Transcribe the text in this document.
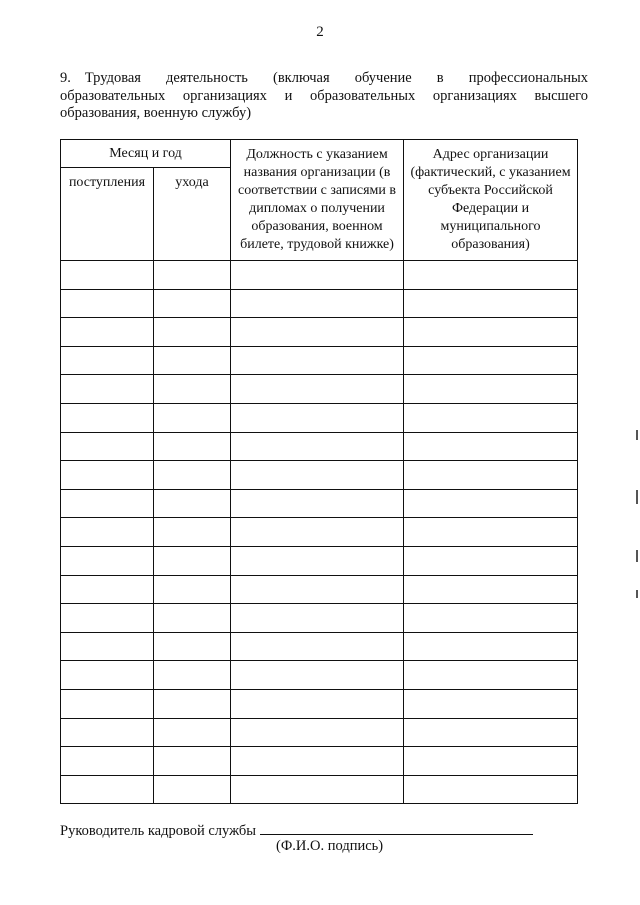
2
9. Трудовая деятельность (включая обучение в профессиональных образовательных организациях и образовательных организациях высшего образования, военную службу)
Месяц и год		Должность с указанием названия организации (в соответствии с записями в дипломах о получении образования, военном билете, трудовой книжке)	Адрес организации (фактический, с указанием субъекта Российской Федерации и муниципального образования)
поступления	ухода		

Руководитель кадровой службы
(Ф.И.О. подпись)
